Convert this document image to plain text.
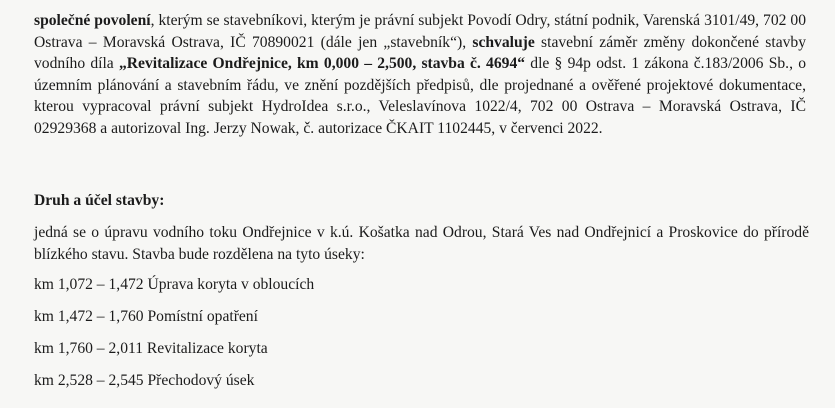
společné povolení, kterým se stavebníkovi, kterým je právní subjekt Povodí Odry, státní podnik, Varenská 3101/49, 702 00 Ostrava – Moravská Ostrava, IČ 70890021 (dále jen „stavebník“), schvaluje stavební záměr změny dokončené stavby vodního díla „Revitalizace Ondřejnice, km 0,000 – 2,500, stavba č. 4694“ dle § 94p odst. 1 zákona č.183/2006 Sb., o územním plánování a stavebním řádu, ve znění pozdějších předpisů, dle projednané a ověřené projektové dokumentace, kterou vypracoval právní subjekt HydroIdea s.r.o., Veleslavínova 1022/4, 702 00 Ostrava – Moravská Ostrava, IČ 02929368 a autorizoval Ing. Jerzy Nowak, č. autorizace ČKAIT 1102445, v červenci 2022.
Druh a účel stavby:
jedná se o úpravu vodního toku Ondřejnice v k.ú. Košatka nad Odrou, Stará Ves nad Ondřejnicí a Proskovice do přírodě blízkého stavu. Stavba bude rozdělena na tyto úseky:
km 1,072 – 1,472 Úprava koryta v obloucích
km 1,472 – 1,760 Pomístní opatření
km 1,760 – 2,011 Revitalizace koryta
km 2,528 – 2,545 Přechodový úsek
